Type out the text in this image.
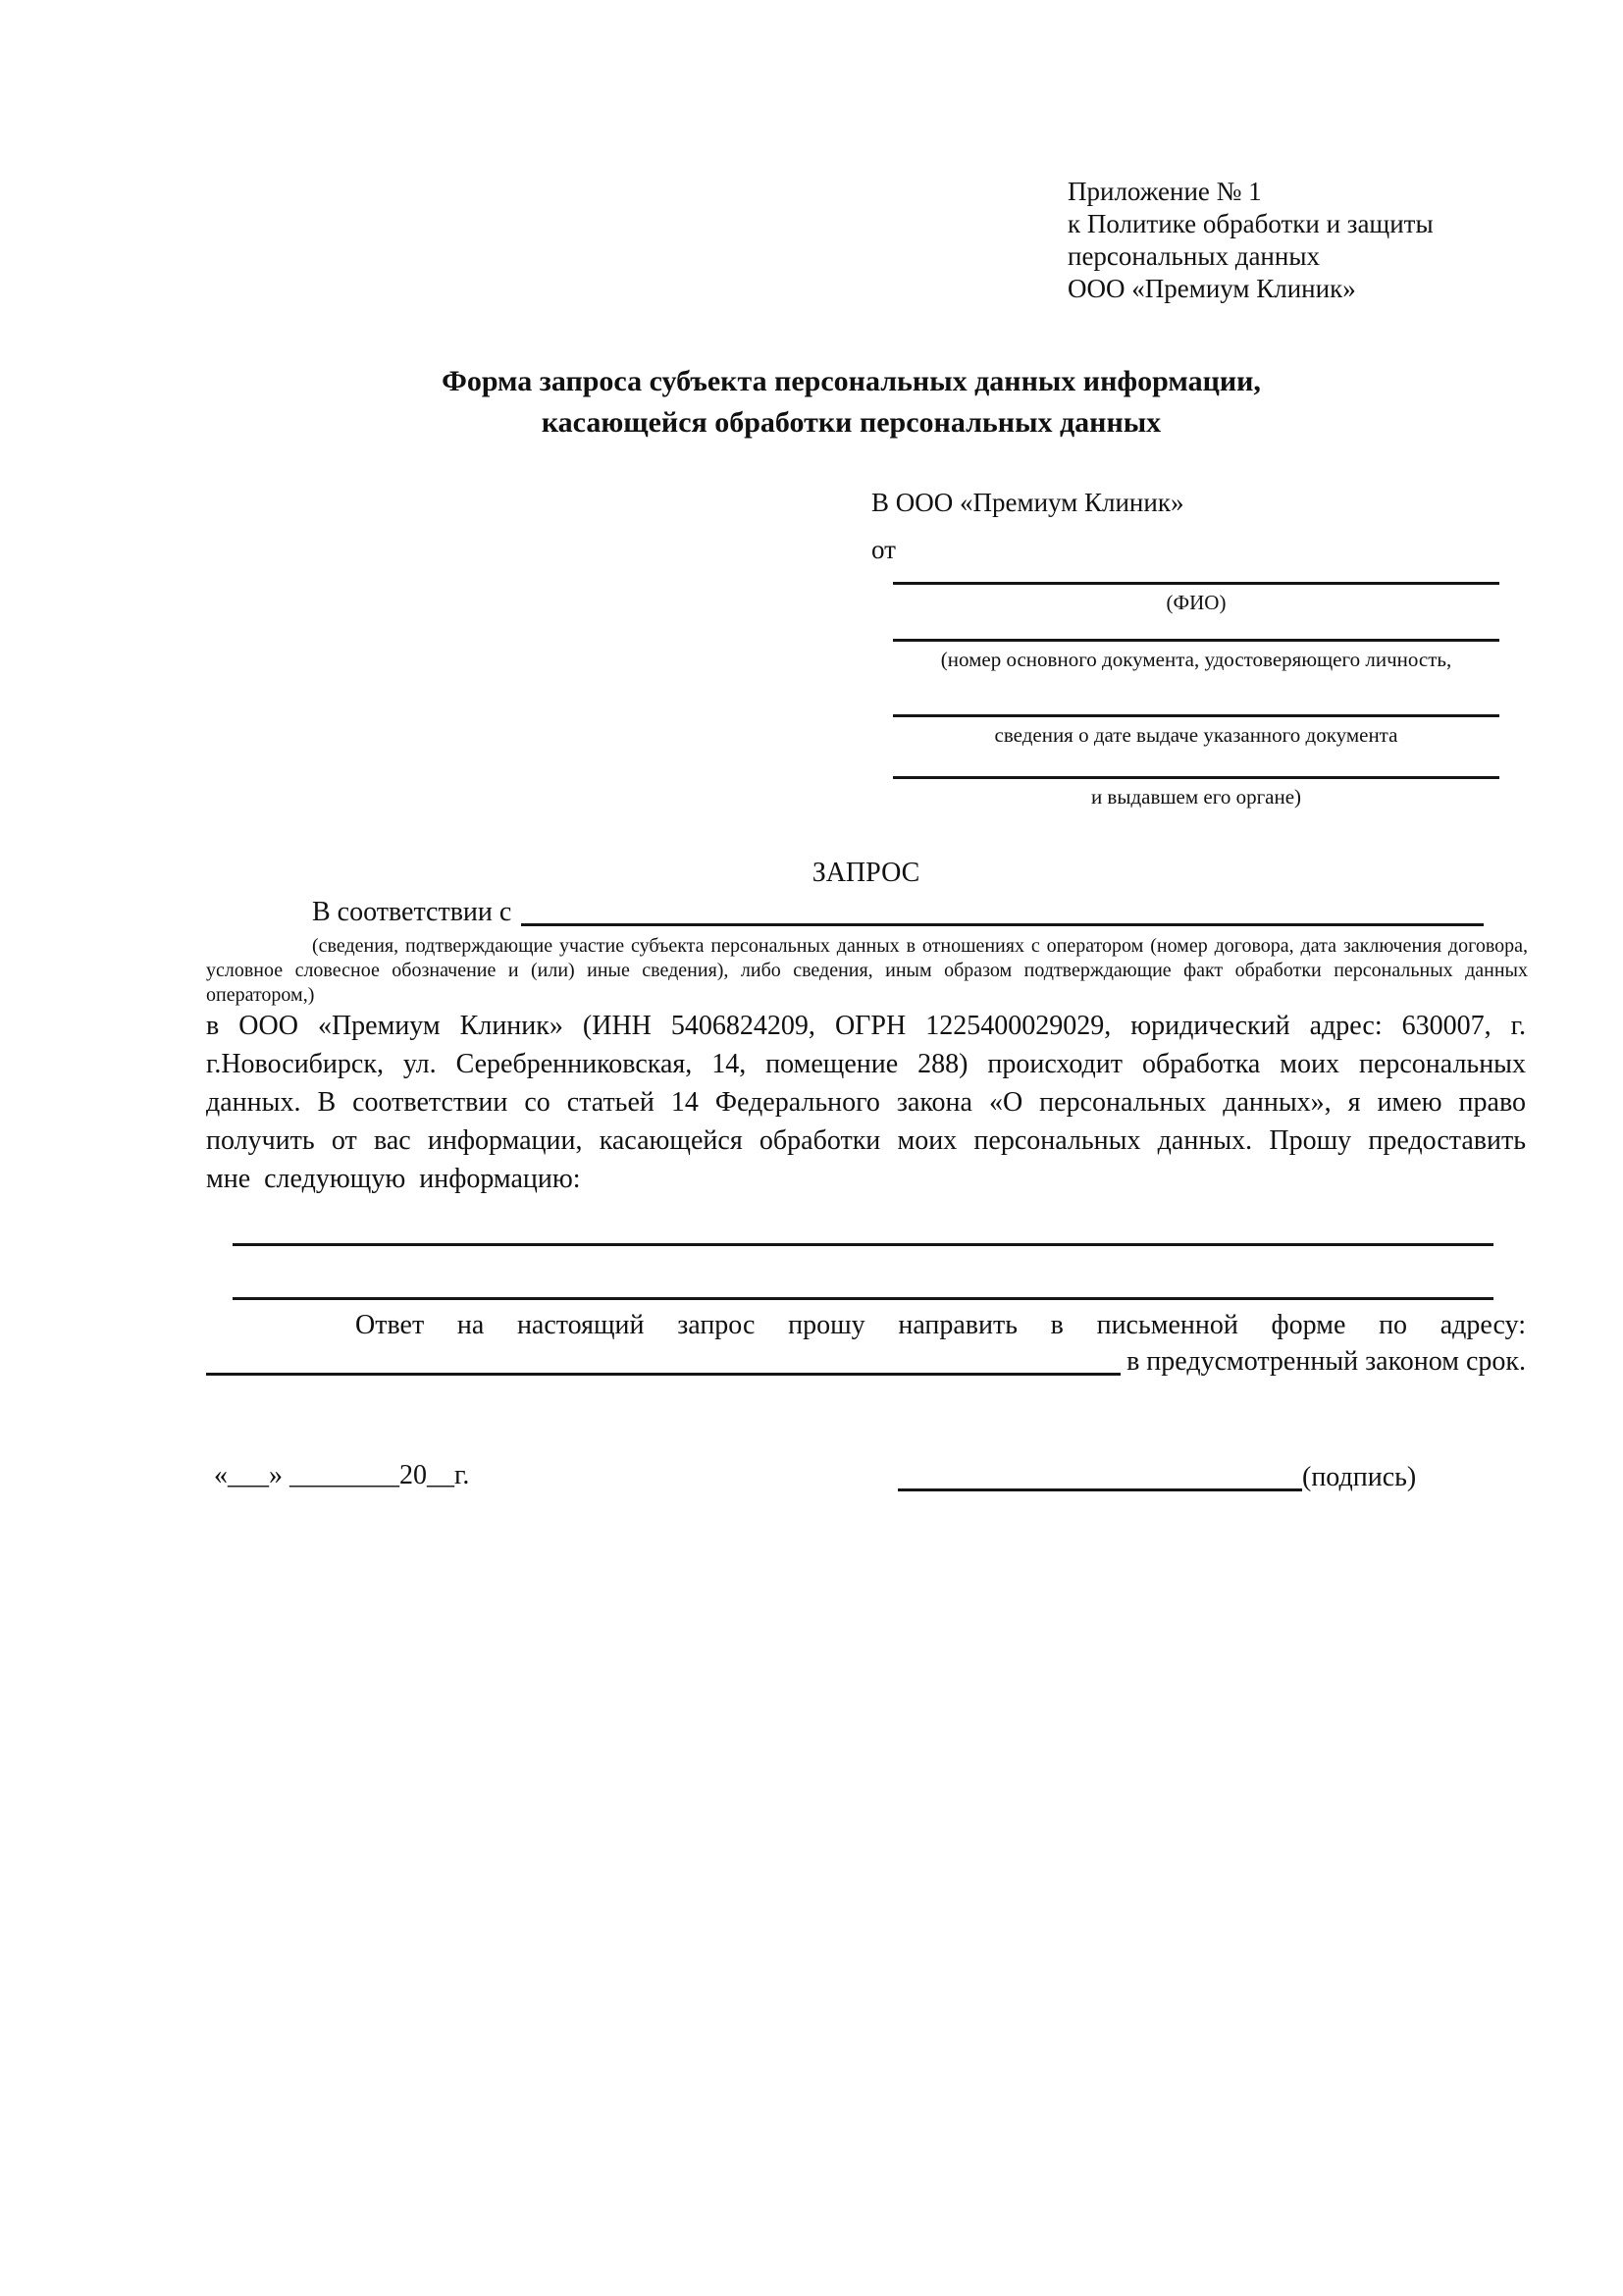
Приложение № 1
к Политике обработки и защиты
персональных данных
ООО «Премиум Клиник»
Форма запроса субъекта персональных данных информации,
касающейся обработки персональных данных
В ООО «Премиум Клиник»
от
(ФИО)
(номер основного документа, удостоверяющего личность,
сведения о дате выдаче указанного документа
и выдавшем его органе)
ЗАПРОС
В соответствии с
(сведения, подтверждающие участие субъекта персональных данных в отношениях с оператором (номер договора, дата заключения договора, условное словесное обозначение и (или) иные сведения), либо сведения, иным образом подтверждающие факт обработки персональных данных оператором,)
в ООО «Премиум Клиник» (ИНН 5406824209, ОГРН 1225400029029, юридический адрес: 630007, г. г.Новосибирск, ул. Серебренниковская, 14, помещение 288) происходит обработка моих персональных данных. В соответствии со статьей 14 Федерального закона «О персональных данных», я имею право получить от вас информации, касающейся обработки моих персональных данных. Прошу предоставить мне следующую информацию:
Ответ на настоящий запрос прошу направить в письменной форме по адресу:
в предусмотренный законом срок.
«___» ________20__г.	(подпись)
